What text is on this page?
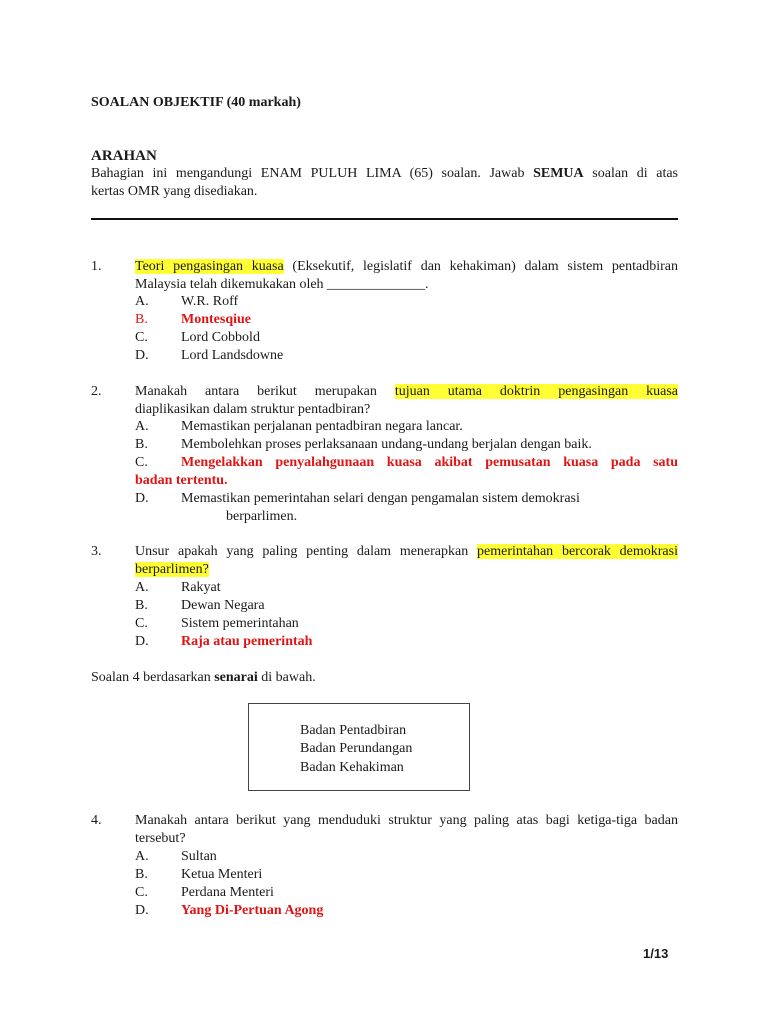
SOALAN OBJEKTIF (40 markah)
ARAHAN
Bahagian ini mengandungi ENAM PULUH LIMA (65) soalan. Jawab SEMUA soalan di atas
kertas OMR yang disediakan.
1. Teori pengasingan kuasa (Eksekutif, legislatif dan kehakiman) dalam sistem pentadbiran
Malaysia telah dikemukakan oleh ______________.
A. W.R. Roff
B. Montesqiue
C. Lord Cobbold
D. Lord Landsdowne
2. Manakah antara berikut merupakan tujuan utama doktrin pengasingan kuasa
diaplikasikan dalam struktur pentadbiran?
A. Memastikan perjalanan pentadbiran negara lancar.
B. Membolehkan proses perlaksanaan undang-undang berjalan dengan baik.
C. Mengelakkan penyalahgunaan kuasa akibat pemusatan kuasa pada satu
badan tertentu.
D. Memastikan pemerintahan selari dengan pengamalan sistem demokrasi
berparlimen.
3. Unsur apakah yang paling penting dalam menerapkan pemerintahan bercorak demokrasi
berparlimen?
A. Rakyat
B. Dewan Negara
C. Sistem pemerintahan
D. Raja atau pemerintah
Soalan 4 berdasarkan senarai di bawah.
Badan Pentadbiran
Badan Perundangan
Badan Kehakiman
4. Manakah antara berikut yang menduduki struktur yang paling atas bagi ketiga-tiga badan
tersebut?
A. Sultan
B. Ketua Menteri
C. Perdana Menteri
D. Yang Di-Pertuan Agong
1/13
